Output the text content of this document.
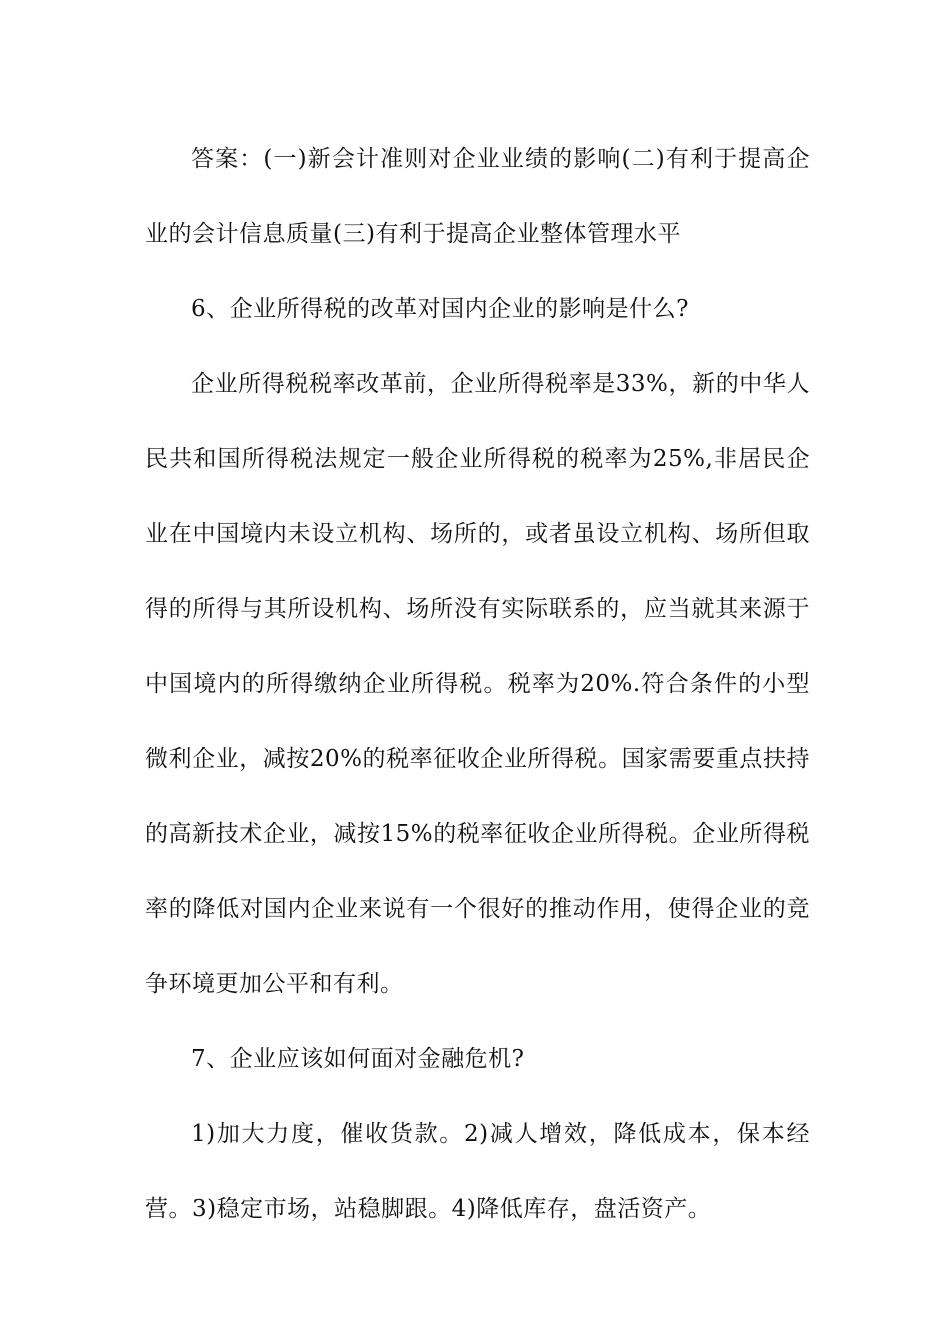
答案：(一)新会计准则对企业业绩的影响(二)有利于提高企业的会计信息质量(三)有利于提高企业整体管理水平

6、企业所得税的改革对国内企业的影响是什么?

企业所得税税率改革前，企业所得税率是33%，新的中华人民共和国所得税法规定一般企业所得税的税率为25%,非居民企业在中国境内未设立机构、场所的，或者虽设立机构、场所但取得的所得与其所设机构、场所没有实际联系的，应当就其来源于中国境内的所得缴纳企业所得税。税率为20%.符合条件的小型微利企业，减按20%的税率征收企业所得税。国家需要重点扶持的高新技术企业，减按15%的税率征收企业所得税。企业所得税率的降低对国内企业来说有一个很好的推动作用，使得企业的竞争环境更加公平和有利。

7、企业应该如何面对金融危机?

1)加大力度，催收货款。2)减人增效，降低成本，保本经营。3)稳定市场，站稳脚跟。4)降低库存，盘活资产。
